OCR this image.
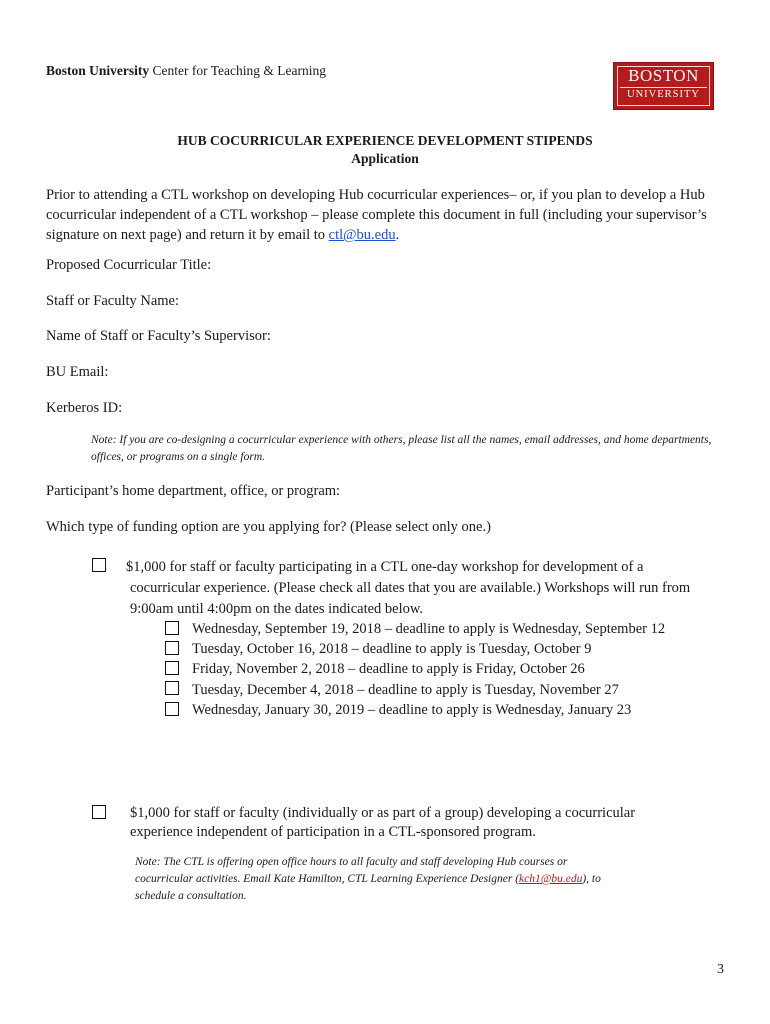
Boston University Center for Teaching & Learning	BOSTON
UNIVERSITY
HUB COCURRICULAR EXPERIENCE DEVELOPMENT STIPENDS
Application
Prior to attending a CTL workshop on developing Hub cocurricular experiences– or, if you plan to develop a Hub cocurricular independent of a CTL workshop – please complete this document in full (including your supervisor’s signature on next page) and return it by email to ctl@bu.edu.
Proposed Cocurricular Title:
Staff or Faculty Name:
Name of Staff or Faculty’s Supervisor:
BU Email:
Kerberos ID:
Note: If you are co-designing a cocurricular experience with others, please list all the names, email addresses, and home departments, offices, or programs on a single form.
Participant’s home department, office, or program:
Which type of funding option are you applying for? (Please select only one.)
$1,000 for staff or faculty participating in a CTL one-day workshop for development of a
cocurricular experience. (Please check all dates that you are available.) Workshops will run from
9:00am until 4:00pm on the dates indicated below.
Wednesday, September 19, 2018 – deadline to apply is Wednesday, September 12
Tuesday, October 16, 2018 – deadline to apply is Tuesday, October 9
Friday, November 2, 2018 – deadline to apply is Friday, October 26
Tuesday, December 4, 2018 – deadline to apply is Tuesday, November 27
Wednesday, January 30, 2019 – deadline to apply is Wednesday, January 23
$1,000 for staff or faculty (individually or as part of a group) developing a cocurricular
experience independent of participation in a CTL-sponsored program.
Note: The CTL is offering open office hours to all faculty and staff developing Hub courses or
cocurricular activities. Email Kate Hamilton, CTL Learning Experience Designer (kch1@bu.edu), to
schedule a consultation.
3
